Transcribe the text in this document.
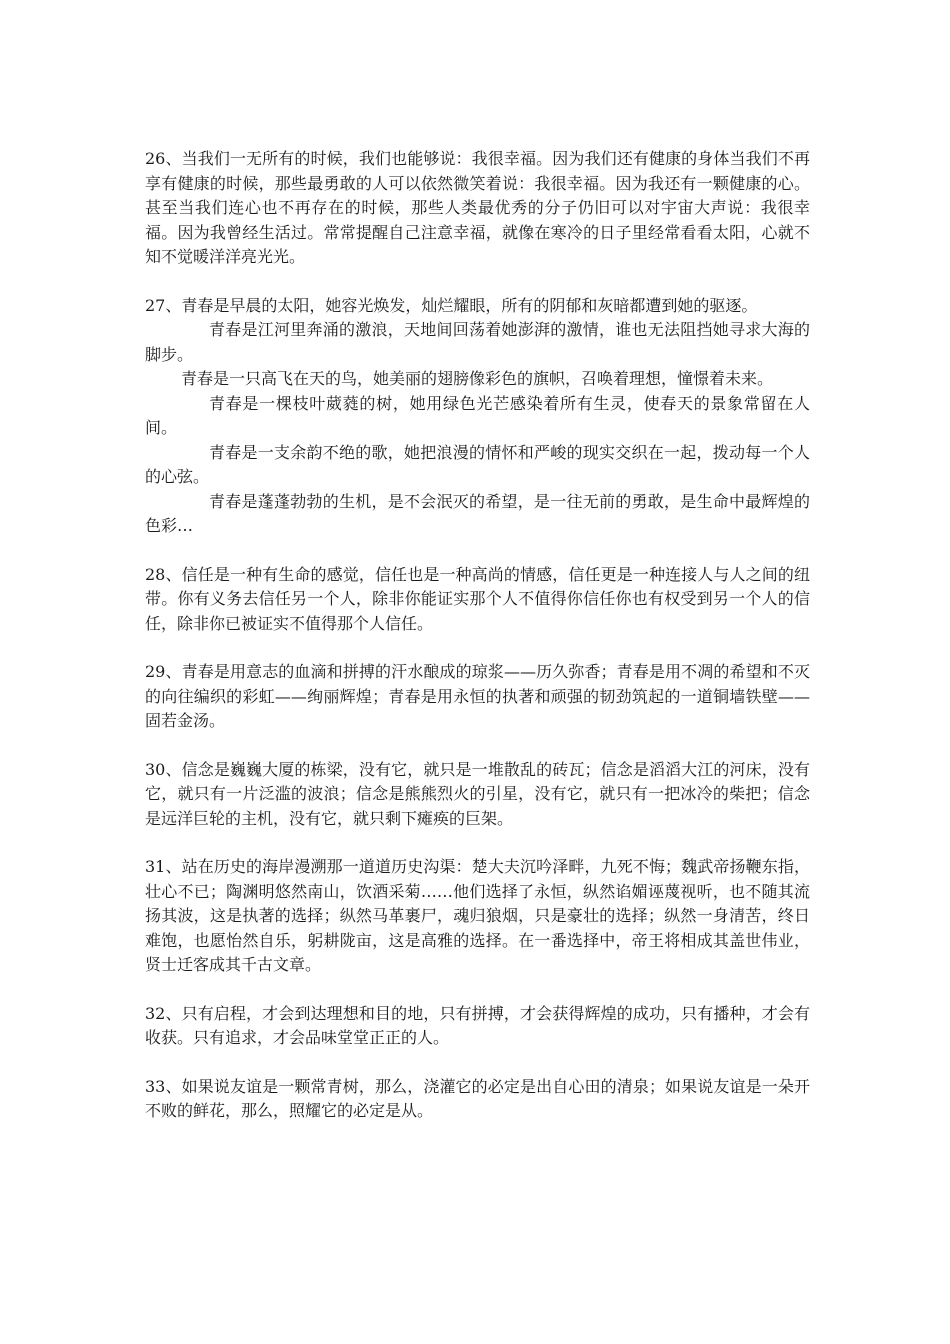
26、当我们一无所有的时候，我们也能够说：我很幸福。因为我们还有健康的身体当我们不再享有健康的时候，那些最勇敢的人可以依然微笑着说：我很幸福。因为我还有一颗健康的心。甚至当我们连心也不再存在的时候，那些人类最优秀的分子仍旧可以对宇宙大声说：我很幸福。因为我曾经生活过。常常提醒自己注意幸福，就像在寒冷的日子里经常看看太阳，心就不知不觉暖洋洋亮光光。

27、青春是早晨的太阳，她容光焕发，灿烂耀眼，所有的阴郁和灰暗都遭到她的驱逐。

青春是江河里奔涌的激浪，天地间回荡着她澎湃的激情，谁也无法阻挡她寻求大海的脚步。

青春是一只高飞在天的鸟，她美丽的翅膀像彩色的旗帜，召唤着理想，憧憬着未来。

青春是一棵枝叶葳蕤的树，她用绿色光芒感染着所有生灵，使春天的景象常留在人间。

青春是一支余韵不绝的歌，她把浪漫的情怀和严峻的现实交织在一起，拨动每一个人的心弦。

青春是蓬蓬勃勃的生机，是不会泯灭的希望，是一往无前的勇敢，是生命中最辉煌的色彩…

28、信任是一种有生命的感觉，信任也是一种高尚的情感，信任更是一种连接人与人之间的纽带。你有义务去信任另一个人，除非你能证实那个人不值得你信任你也有权受到另一个人的信任，除非你已被证实不值得那个人信任。

29、青春是用意志的血滴和拼搏的汗水酿成的琼浆——历久弥香；青春是用不凋的希望和不灭的向往编织的彩虹——绚丽辉煌；青春是用永恒的执著和顽强的韧劲筑起的一道铜墙铁壁——固若金汤。

30、信念是巍巍大厦的栋梁，没有它，就只是一堆散乱的砖瓦；信念是滔滔大江的河床，没有它，就只有一片泛滥的波浪；信念是熊熊烈火的引星，没有它，就只有一把冰冷的柴把；信念是远洋巨轮的主机，没有它，就只剩下瘫痪的巨架。

31、站在历史的海岸漫溯那一道道历史沟渠：楚大夫沉吟泽畔，九死不悔；魏武帝扬鞭东指，壮心不已；陶渊明悠然南山，饮酒采菊……他们选择了永恒，纵然谄媚诬蔑视听，也不随其流扬其波，这是执著的选择；纵然马革裹尸，魂归狼烟，只是豪壮的选择；纵然一身清苦，终日难饱，也愿怡然自乐，躬耕陇亩，这是高雅的选择。在一番选择中，帝王将相成其盖世伟业，贤士迁客成其千古文章。

32、只有启程，才会到达理想和目的地，只有拼搏，才会获得辉煌的成功，只有播种，才会有收获。只有追求，才会品味堂堂正正的人。

33、如果说友谊是一颗常青树，那么，浇灌它的必定是出自心田的清泉；如果说友谊是一朵开不败的鲜花，那么，照耀它的必定是从。
